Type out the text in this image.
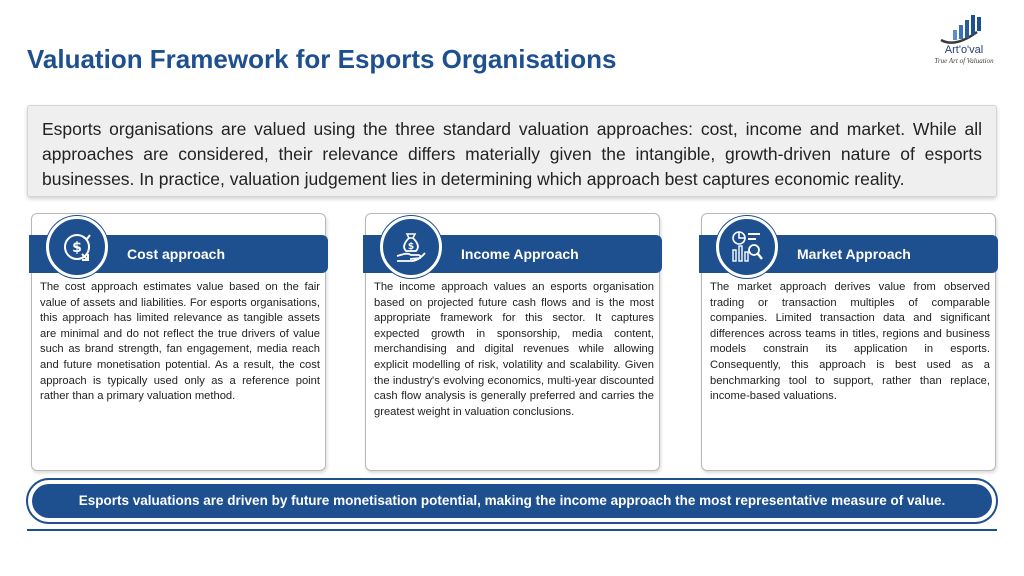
Valuation Framework for Esports Organisations	Art'o'val
True Art of Valuation
Esports organisations are valued using the three standard valuation approaches: cost, income and market. While all approaches are considered, their relevance differs materially given the intangible, growth-driven nature of esports businesses. In practice, valuation judgement lies in determining which approach best captures economic reality.
$	Cost approach
The cost approach estimates value based on the fair value of assets and liabilities. For esports organisations, this approach has limited relevance as tangible assets are minimal and do not reflect the true drivers of value such as brand strength, fan engagement, media reach and future monetisation potential. As a result, the cost approach is typically used only as a reference point rather than a primary valuation method.
$	Income Approach
The income approach values an esports organisation based on projected future cash flows and is the most appropriate framework for this sector. It captures expected growth in sponsorship, media content, merchandising and digital revenues while allowing explicit modelling of risk, volatility and scalability. Given the industry's evolving economics, multi-year discounted cash flow analysis is generally preferred and carries the greatest weight in valuation conclusions.
Market Approach
The market approach derives value from observed trading or transaction multiples of comparable companies. Limited transaction data and significant differences across teams in titles, regions and business models constrain its application in esports. Consequently, this approach is best used as a benchmarking tool to support, rather than replace, income-based valuations.
Esports valuations are driven by future monetisation potential, making the income approach the most representative measure of value.
